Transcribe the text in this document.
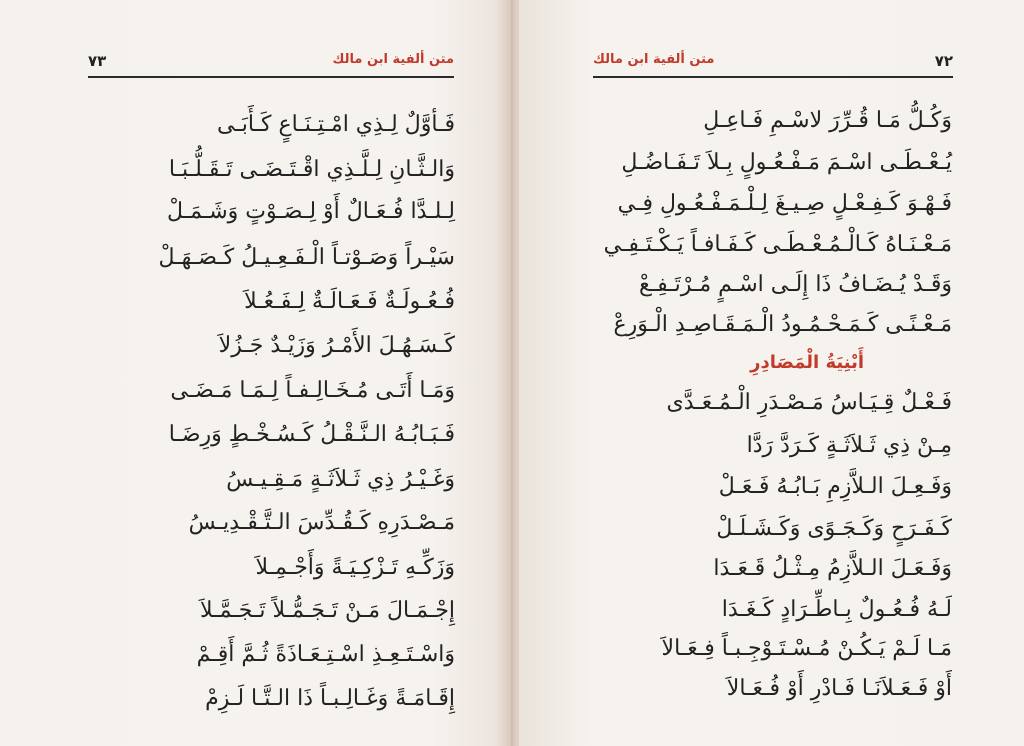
٧٣	متن ألفية ابن مالك
فَـأوَّلٌ لِـذِي امْـتِـنَـاعٍ كَـأَبَـى
وَالـثَّـانِ لِـلَّـذِي اقْـتَـضَـى تَـقَـلُّـبَـا
لِـلـدَّا فُـعَـالٌ أَوْ لِـصَـوْتٍ وَشَـمَـلْ
سَيْـراً وَصَـوْتـاً الْـفَـعِـيـلُ كَـصَـهَـلْ
فُـعُـولَـةٌ فَـعَـالَـةٌ لِـفَـعُـلاَ
كَـسَـهُـلَ الأَمْـرُ وَزَيْـدٌ جَـزُلاَ
وَمَـا أَتَـى مُـخَـالِـفـاً لِـمَـا مَـضَـى
فَـبَـابُـهُ الـنَّـقْـلُ كَـسُـخْـطٍ وَرِضَـا
وَغَـيْـرُ ذِي ثَـلاَثَـةٍ مَـقِـيـسُ
مَـصْـدَرِهِ كَـقُـدِّسَ الـتَّـقْـدِيـسُ
وَزَكِّـهِ تَـزْكِـيَـةً وَأَجْـمِـلاَ
إِجْـمَـالَ مَـنْ تَـجَـمُّـلاً تَـجَـمَّـلاَ
وَاسْـتَـعِـذِ اسْـتِـعَـاذَةً ثُـمَّ أَقِـمْ
إِقَـامَـةً وَغَـالِـبـاً ذَا الـتَّـا لَـزِمْ
متن ألفية ابن مالك	٧٢
وَكُـلُّ مَـا قُـرِّرَ لاسْـمِ فَـاعِـلِ
يُـعْـطَـى اسْـمَ مَـفْـعُـولٍ بِـلاَ تَـفَـاضُـلِ
فَـهْـوَ كَـفِـعْـلٍ صِـيـغَ لِـلْـمَـفْـعُـولِ فِـي
مَـعْـنَـاهُ كَـالْـمُـعْـطَـى كَـفَـافـاً يَـكْـتَـفِـي
وَقَـدْ يُـضَـافُ ذَا إِلَـى اسْـمٍ مُـرْتَـفِـعْ
مَـعْـنًـى كَـمَـحْـمُـودُ الْـمَـقَـاصِـدِ الْـوَرِعْ
أَبْنِيَةُ الْمَصَادِرِ
فَـعْـلٌ قِـيَـاسُ مَـصْـدَرِ الْـمُـعَـدَّى
مِـنْ ذِي ثَـلاَثَـةٍ كَـرَدَّ رَدَّا
وَفَـعِـلَ الـلاَّزِمِ بَـابُـهُ فَـعَـلْ
كَـفَـرَحٍ وَكَـجَـوًى وَكَـشَـلَـلْ
وَفَـعَـلَ الـلاَّزِمُ مِـثْـلُ قَـعَـدَا
لَـهُ فُـعُـولٌ بِـاطِّـرَادٍ كَـغَـدَا
مَـا لَـمْ يَـكُـنْ مُـسْـتَـوْجِـبـاً فِـعَـالاَ
أَوْ فَـعَـلاَنَـا فَـادْرِ أَوْ فُـعَـالاَ
